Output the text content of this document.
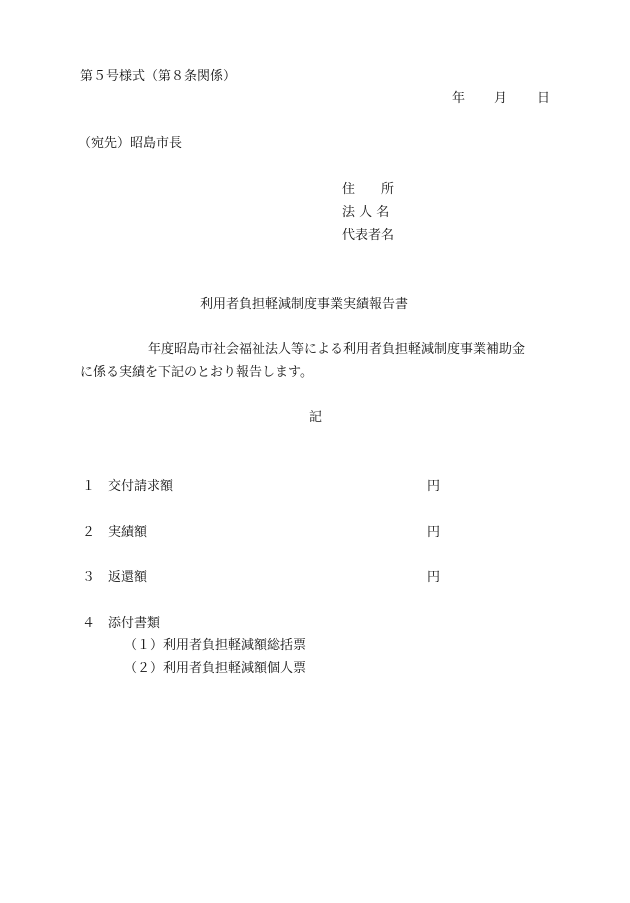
第５号様式（第８条関係）
年 月 日
（宛先）昭島市長
住　　所
法 人 名
代表者名
利用者負担軽減制度事業実績報告書
年度昭島市社会福祉法人等による利用者負担軽減制度事業補助金
に係る実績を下記のとおり報告します。
記
１ 交付請求額	円
２ 実績額	円
３ 返還額	円
４ 添付書類
（１）利用者負担軽減額総括票
（２）利用者負担軽減額個人票
